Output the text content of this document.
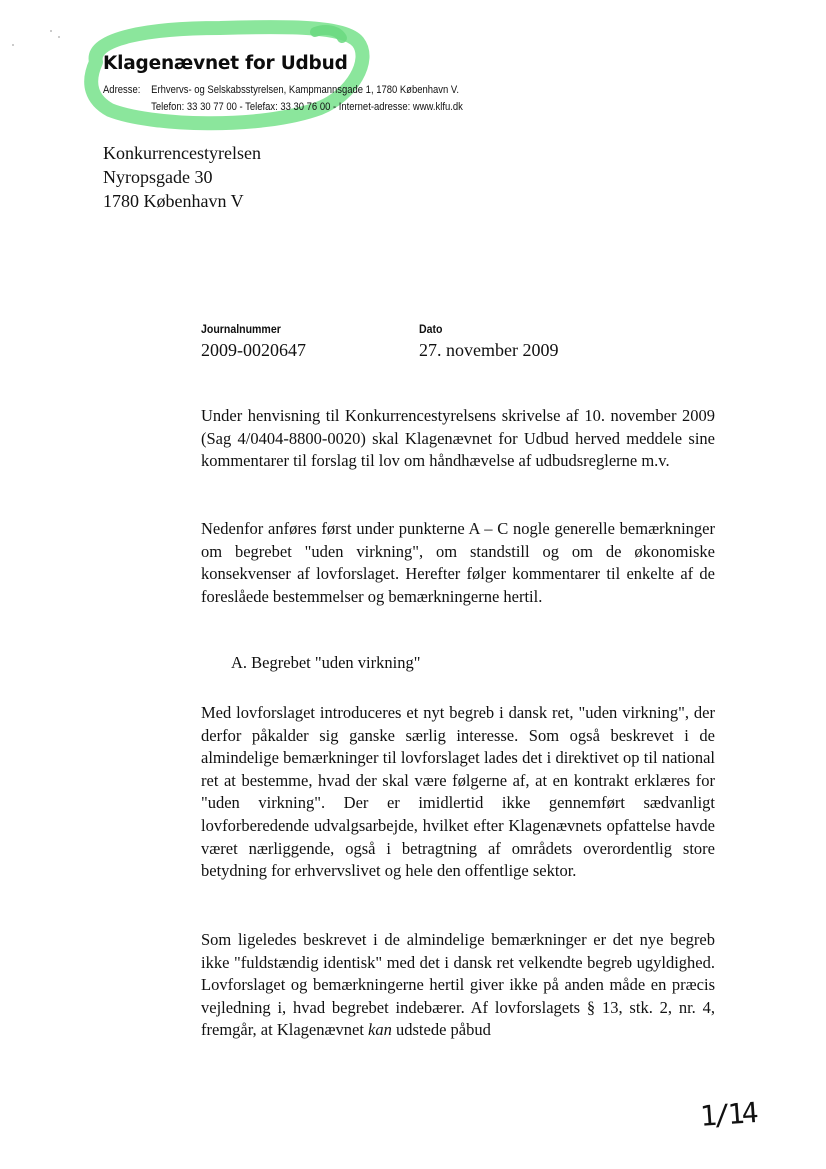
Klagenævnet for Udbud
Adresse: Erhvervs- og Selskabsstyrelsen, Kampmannsgade 1, 1780 København V.
Telefon: 33 30 77 00 - Telefax: 33 30 76 00 - Internet-adresse: www.klfu.dk
Konkurrencestyrelsen
Nyropsgade 30
1780 København V
Journalnummer
2009-0020647
Dato
27. november 2009

Under henvisning til Konkurrencestyrelsens skrivelse af 10. november 2009 (Sag 4/0404-8800-0020) skal Klagenævnet for Udbud herved meddele sine kommentarer til forslag til lov om håndhævelse af udbudsreglerne m.v.

Nedenfor anføres først under punkterne A – C nogle generelle bemærkninger om begrebet "uden virkning", om standstill og om de økonomiske konsekvenser af lovforslaget. Herefter følger kommentarer til enkelte af de foreslåede bestemmelser og bemærkningerne hertil.

A. Begrebet "uden virkning"

Med lovforslaget introduceres et nyt begreb i dansk ret, "uden virkning", der derfor påkalder sig ganske særlig interesse. Som også beskrevet i de almindelige bemærkninger til lovforslaget lades det i direktivet op til national ret at bestemme, hvad der skal være følgerne af, at en kontrakt erklæres for "uden virkning". Der er imidlertid ikke gennemført sædvanligt lovforberedende udvalgsarbejde, hvilket efter Klagenævnets opfattelse havde været nærliggende, også i betragtning af områdets overordentlig store betydning for erhvervslivet og hele den offentlige sektor.

Som ligeledes beskrevet i de almindelige bemærkninger er det nye begreb ikke "fuldstændig identisk" med det i dansk ret velkendte begreb ugyldighed. Lovforslaget og bemærkningerne hertil giver ikke på anden måde en præcis vejledning i, hvad begrebet indebærer. Af lovforslagets § 13, stk. 2, nr. 4, fremgår, at Klagenævnet kan udstede påbud

1/14
